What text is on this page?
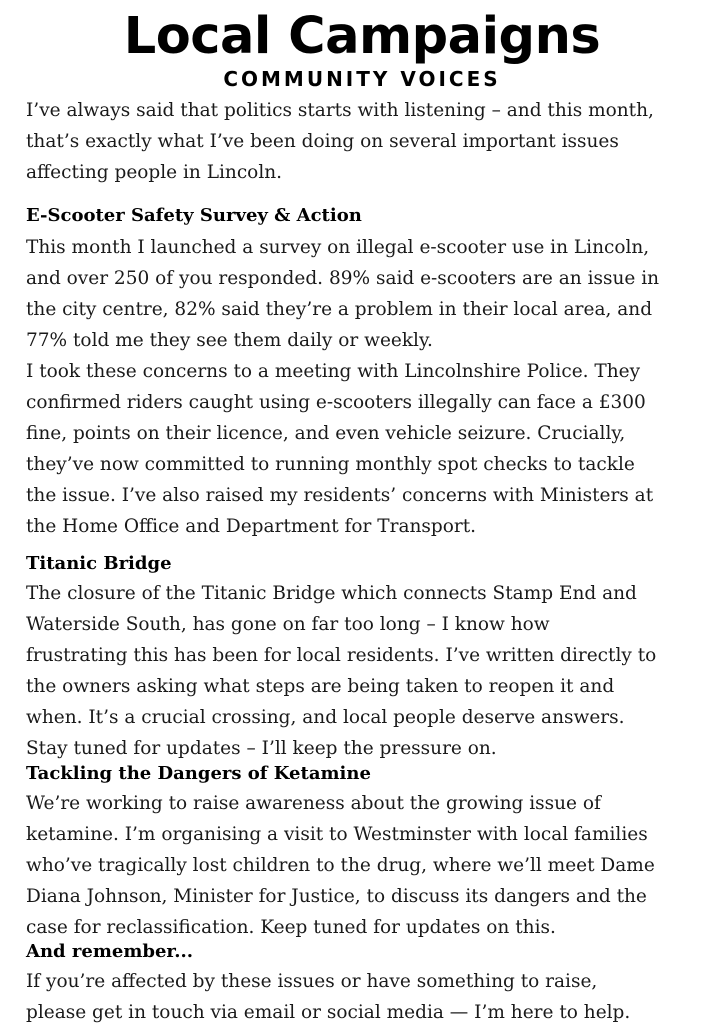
Local Campaigns
COMMUNITY VOICES
I’ve always said that politics starts with listening – and this month,
that’s exactly what I’ve been doing on several important issues
affecting people in Lincoln.
E-Scooter Safety Survey & Action
This month I launched a survey on illegal e-scooter use in Lincoln,
and over 250 of you responded. 89% said e-scooters are an issue in
the city centre, 82% said they’re a problem in their local area, and
77% told me they see them daily or weekly.
I took these concerns to a meeting with Lincolnshire Police. They
confirmed riders caught using e-scooters illegally can face a £300
fine, points on their licence, and even vehicle seizure. Crucially,
they’ve now committed to running monthly spot checks to tackle
the issue. I’ve also raised my residents’ concerns with Ministers at
the Home Office and Department for Transport.
Titanic Bridge
The closure of the Titanic Bridge which connects Stamp End and
Waterside South, has gone on far too long – I know how
frustrating this has been for local residents. I’ve written directly to
the owners asking what steps are being taken to reopen it and
when. It’s a crucial crossing, and local people deserve answers.
Stay tuned for updates – I’ll keep the pressure on.
Tackling the Dangers of Ketamine
We’re working to raise awareness about the growing issue of
ketamine. I’m organising a visit to Westminster with local families
who’ve tragically lost children to the drug, where we’ll meet Dame
Diana Johnson, Minister for Justice, to discuss its dangers and the
case for reclassification. Keep tuned for updates on this.
And remember...
If you’re affected by these issues or have something to raise,
please get in touch via email or social media — I’m here to help.
